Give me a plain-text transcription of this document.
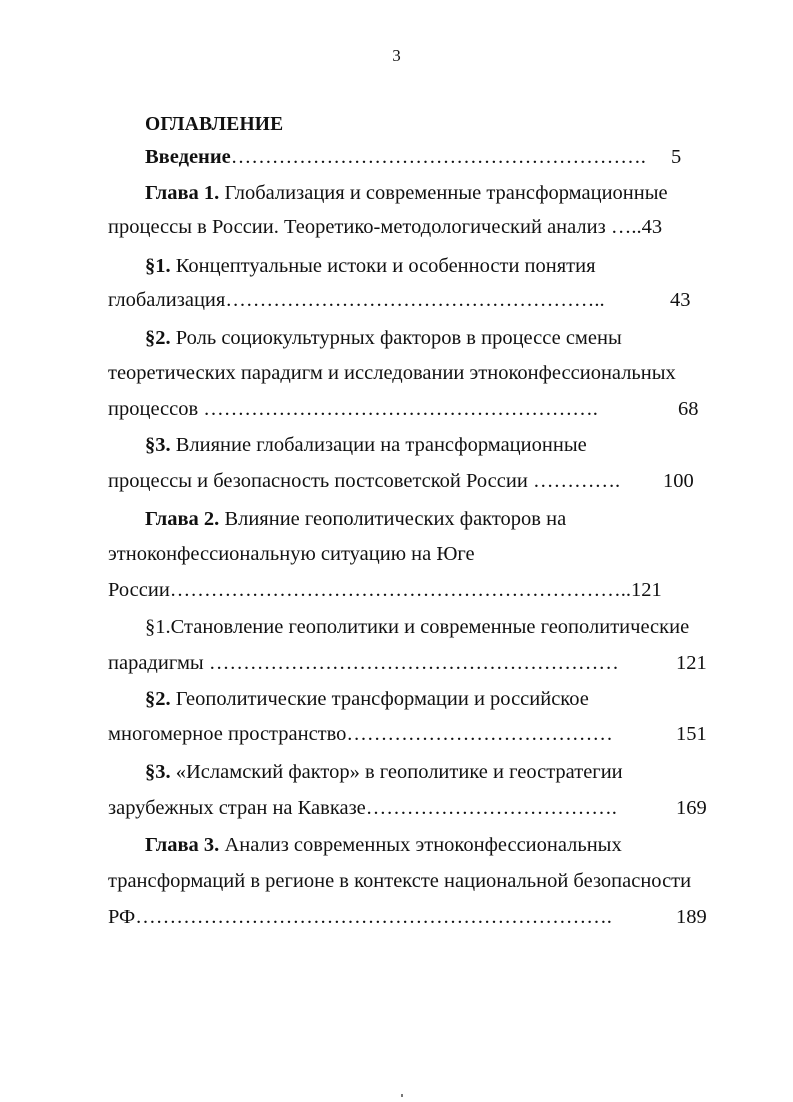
3
ОГЛАВЛЕНИЕ
Введение……………………………………………………. 5
Глава 1. Глобализация и современные трансформационные
процессы в России. Теоретико-методологический анализ …..43
§1. Концептуальные истоки и особенности понятия
глобализация………………………………………………..	43
§2. Роль социокультурных факторов в процессе смены
теоретических парадигм и исследовании этноконфессиональных
процессов ………………………………………………….	68
§3. Влияние глобализации на трансформационные
процессы и безопасность постсоветской России …………. 100
Глава 2. Влияние геополитических факторов на
этноконфессиональную ситуацию на Юге
России…………………………………………………………..121
§1.Становление геополитики и современные геополитические
парадигмы ……………………………………………………	121
§2. Геополитические трансформации и российское
многомерное пространство…………………………………	151
§3. «Исламский фактор» в геополитике и геостратегии
зарубежных стран на Кавказе……………………………….	169
Глава 3. Анализ современных этноконфессиональных
трансформаций в регионе в контексте национальной безопасности
РФ…………………………………………………………….	189
